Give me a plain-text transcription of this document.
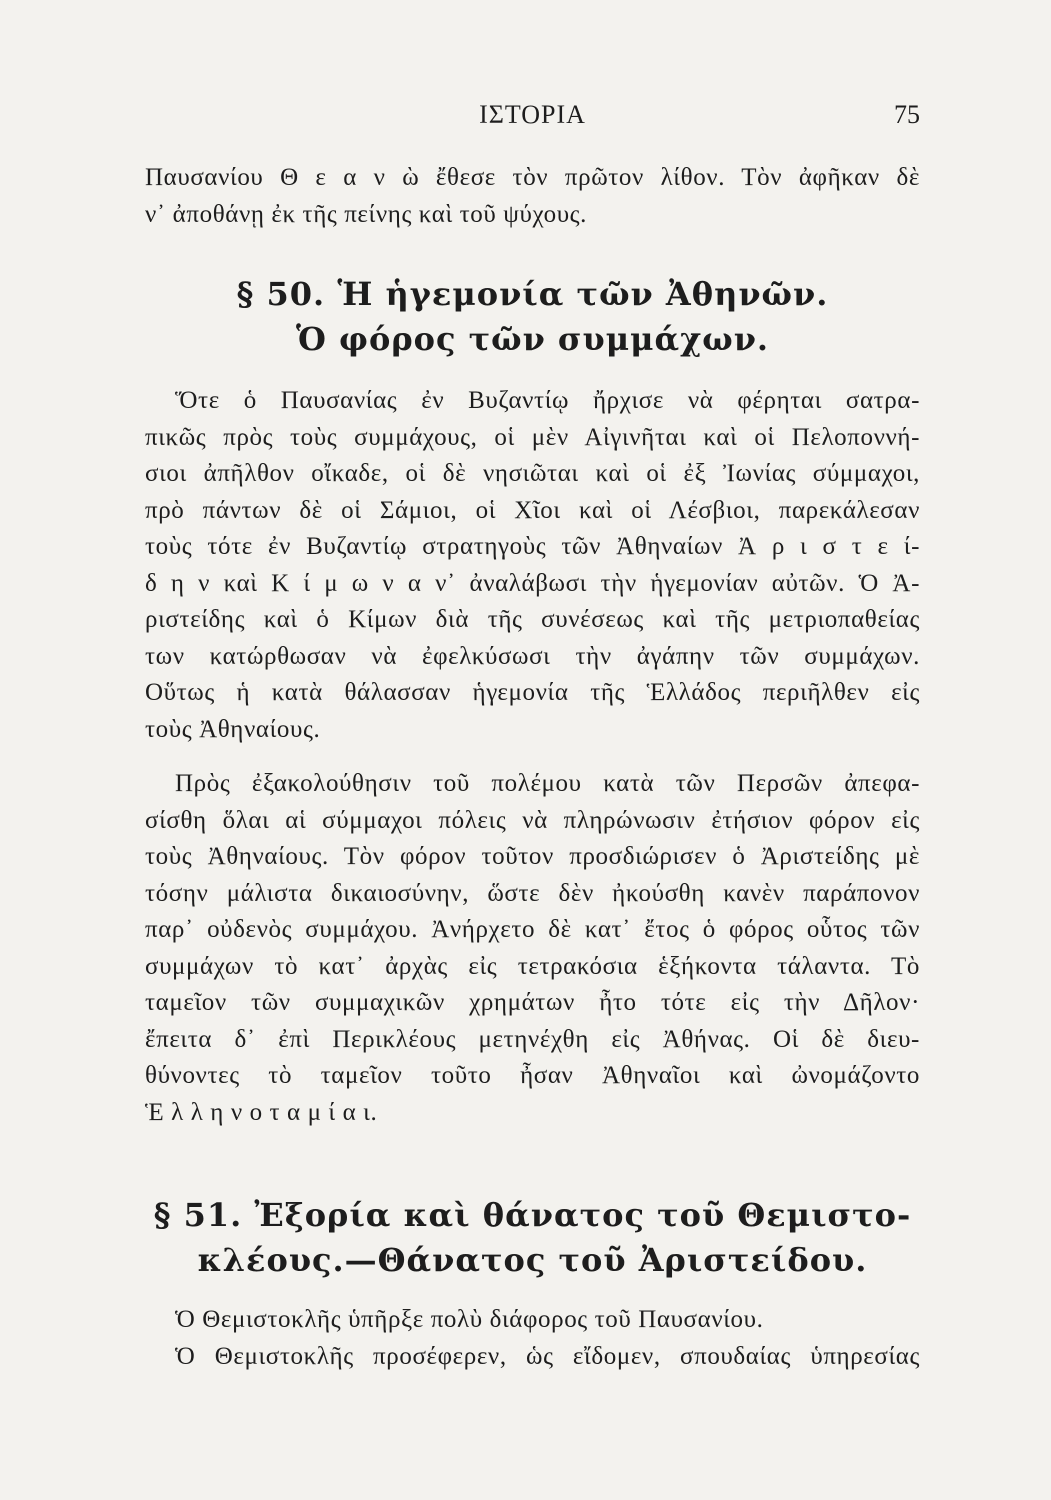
ΙΣΤΟΡΙΑ	75
Παυσανίου Θ ε α ν ὼ ἔθεσε τὸν πρῶτον λίθον. Τὸν ἀφῆκαν δὲ
ν᾿ ἀποθάνῃ ἐκ τῆς πείνης καὶ τοῦ ψύχους.
§ 50. Ἡ ἡγεμονία τῶν Ἀθηνῶν.
Ὁ φόρος τῶν συμμάχων.
Ὅτε ὁ Παυσανίας ἐν Βυζαντίῳ ἤρχισε νὰ φέρηται σατρα-
πικῶς πρὸς τοὺς συμμάχους, οἱ μὲν Αἰγινῆται καὶ οἱ Πελοποννή-
σιοι ἀπῆλθον οἴκαδε, οἱ δὲ νησιῶται καὶ οἱ ἐξ Ἰωνίας σύμμαχοι,
πρὸ πάντων δὲ οἱ Σάμιοι, οἱ Χῖοι καὶ οἱ Λέσβιοι, παρεκάλεσαν
τοὺς τότε ἐν Βυζαντίῳ στρατηγοὺς τῶν Ἀθηναίων Ἀ ρ ι σ τ ε ί-
δ η ν καὶ Κ ί μ ω ν α ν᾿ ἀναλάβωσι τὴν ἡγεμονίαν αὐτῶν. Ὁ Ἀ-
ριστείδης καὶ ὁ Κίμων διὰ τῆς συνέσεως καὶ τῆς μετριοπαθείας
των κατώρθωσαν νὰ ἐφελκύσωσι τὴν ἀγάπην τῶν συμμάχων.
Οὕτως ἡ κατὰ θάλασσαν ἡγεμονία τῆς Ἑλλάδος περιῆλθεν εἰς
τοὺς Ἀθηναίους.
Πρὸς ἐξακολούθησιν τοῦ πολέμου κατὰ τῶν Περσῶν ἀπεφα-
σίσθη ὅλαι αἱ σύμμαχοι πόλεις νὰ πληρώνωσιν ἐτήσιον φόρον εἰς
τοὺς Ἀθηναίους. Τὸν φόρον τοῦτον προσδιώρισεν ὁ Ἀριστείδης μὲ
τόσην μάλιστα δικαιοσύνην, ὥστε δὲν ἠκούσθη κανὲν παράπονον
παρ᾿ οὐδενὸς συμμάχου. Ἀνήρχετο δὲ κατ᾿ ἔτος ὁ φόρος οὗτος τῶν
συμμάχων τὸ κατ᾿ ἀρχὰς εἰς τετρακόσια ἑξήκοντα τάλαντα. Τὸ
ταμεῖον τῶν συμμαχικῶν χρημάτων ἦτο τότε εἰς τὴν Δῆλον·
ἔπειτα δ᾿ ἐπὶ Περικλέους μετηνέχθη εἰς Ἀθήνας. Οἱ δὲ διευ-
θύνοντες τὸ ταμεῖον τοῦτο ἦσαν Ἀθηναῖοι καὶ ὠνομάζοντο
Ἑ λ λ η ν ο τ α μ ί α ι.
§ 51. Ἐξορία καὶ θάνατος τοῦ Θεμιστο-
κλέους.—Θάνατος τοῦ Ἀριστείδου.
Ὁ Θεμιστοκλῆς ὑπῆρξε πολὺ διάφορος τοῦ Παυσανίου.
Ὁ Θεμιστοκλῆς προσέφερεν, ὡς εἴδομεν, σπουδαίας ὑπηρεσίας
